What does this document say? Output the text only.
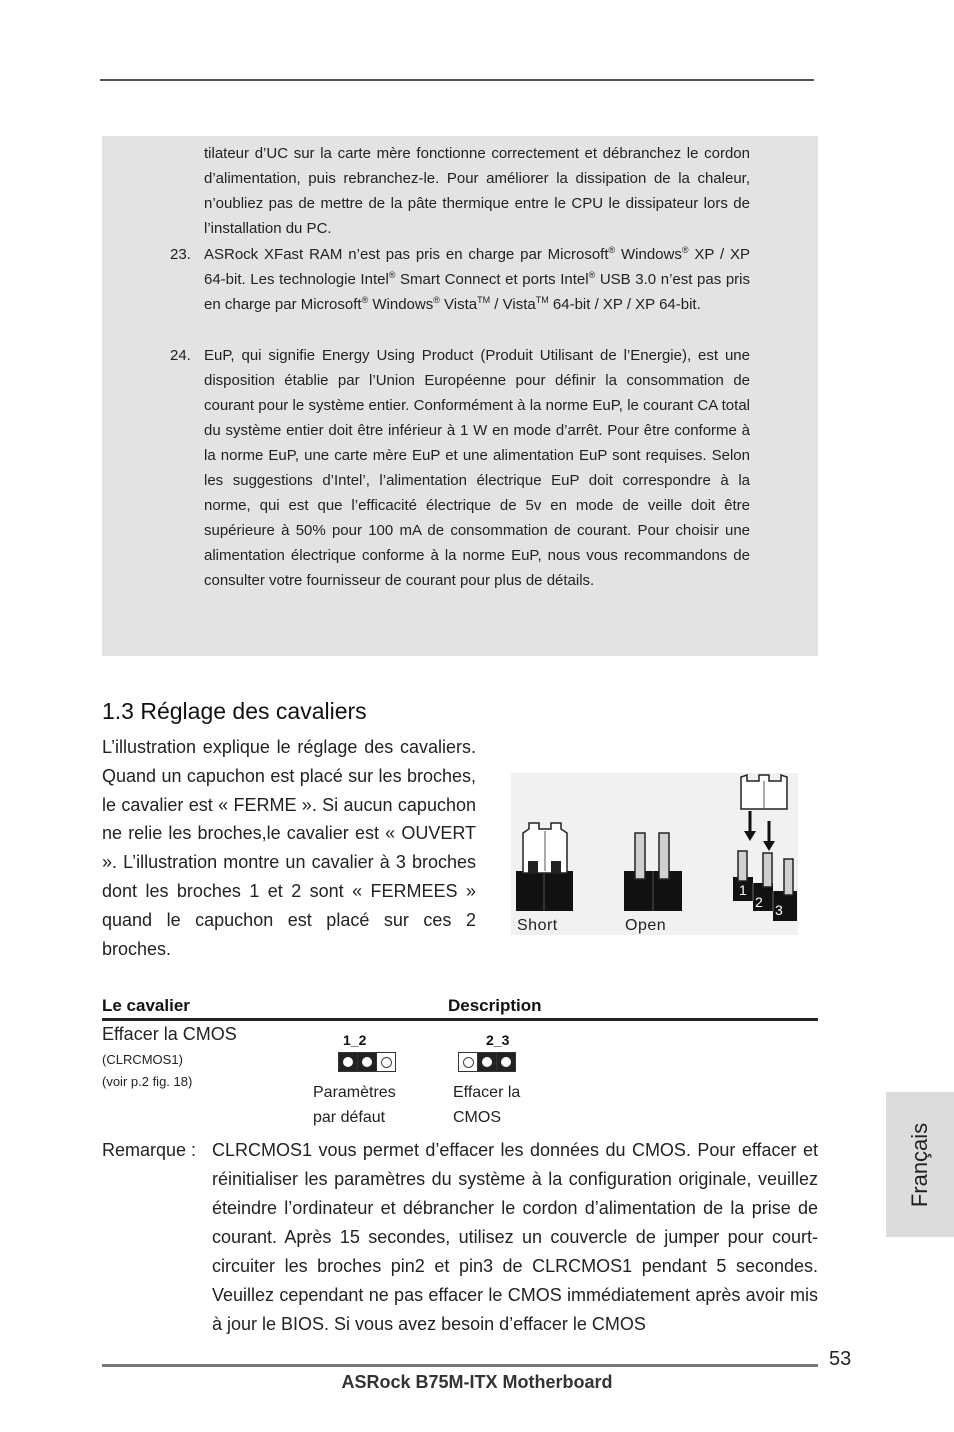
tilateur d’UC sur la carte mère fonctionne correctement et débranchez le cordon d’alimentation, puis rebranchez-le. Pour améliorer la dissipation de la chaleur, n’oubliez pas de mettre de la pâte thermique entre le CPU le dissipateur lors de l’installation du PC.
23. ASRock XFast RAM n’est pas pris en charge par Microsoft® Windows® XP / XP 64-bit. Les technologie Intel® Smart Connect et ports Intel® USB 3.0 n’est pas pris en charge par Microsoft® Windows® Vista™ / Vista™ 64-bit / XP / XP 64-bit.
24. EuP, qui signifie Energy Using Product (Produit Utilisant de l’Energie), est une disposition établie par l’Union Européenne pour définir la consommation de courant pour le système entier. Conformément à la norme EuP, le courant CA total du système entier doit être inférieur à 1 W en mode d’arrêt. Pour être conforme à la norme EuP, une carte mère EuP et une alimentation EuP sont requises. Selon les suggestions d’Intel’, l’alimentation électrique EuP doit correspondre à la norme, qui est que l’efficacité électrique de 5v en mode de veille doit être supérieure à 50% pour 100 mA de consommation de courant. Pour choisir une alimentation électrique conforme à la norme EuP, nous vous recommandons de consulter votre fournisseur de courant pour plus de détails.
1.3 Réglage des cavaliers
L’illustration explique le réglage des cavaliers. Quand un capuchon est placé sur les broches, le cavalier est « FERME ». Si aucun capuchon ne relie les broches,le cavalier est « OUVERT ». L’illustration montre un cavalier à 3 broches dont les broches 1 et 2 sont « FERMEES » quand le capuchon est placé sur ces 2 broches.
1
2 3
Short	Open
Le cavalier	Description
Effacer la CMOS
(CLRCMOS1)
(voir p.2 fig. 18)
1_2
Paramètres
par défaut
2_3
Effacer la
CMOS
Remarque : CLRCMOS1 vous permet d’effacer les données du CMOS. Pour effacer et réinitialiser les paramètres du système à la configuration originale, veuillez éteindre l’ordinateur et débrancher le cordon d’alimentation de la prise de courant. Après 15 secondes, utilisez un couvercle de jumper pour court-circuiter les broches pin2 et pin3 de CLRCMOS1 pendant 5 secondes. Veuillez cependant ne pas effacer le CMOS immédiatement après avoir mis à jour le BIOS. Si vous avez besoin d’effacer le CMOS
Français
53
ASRock B75M-ITX Motherboard
